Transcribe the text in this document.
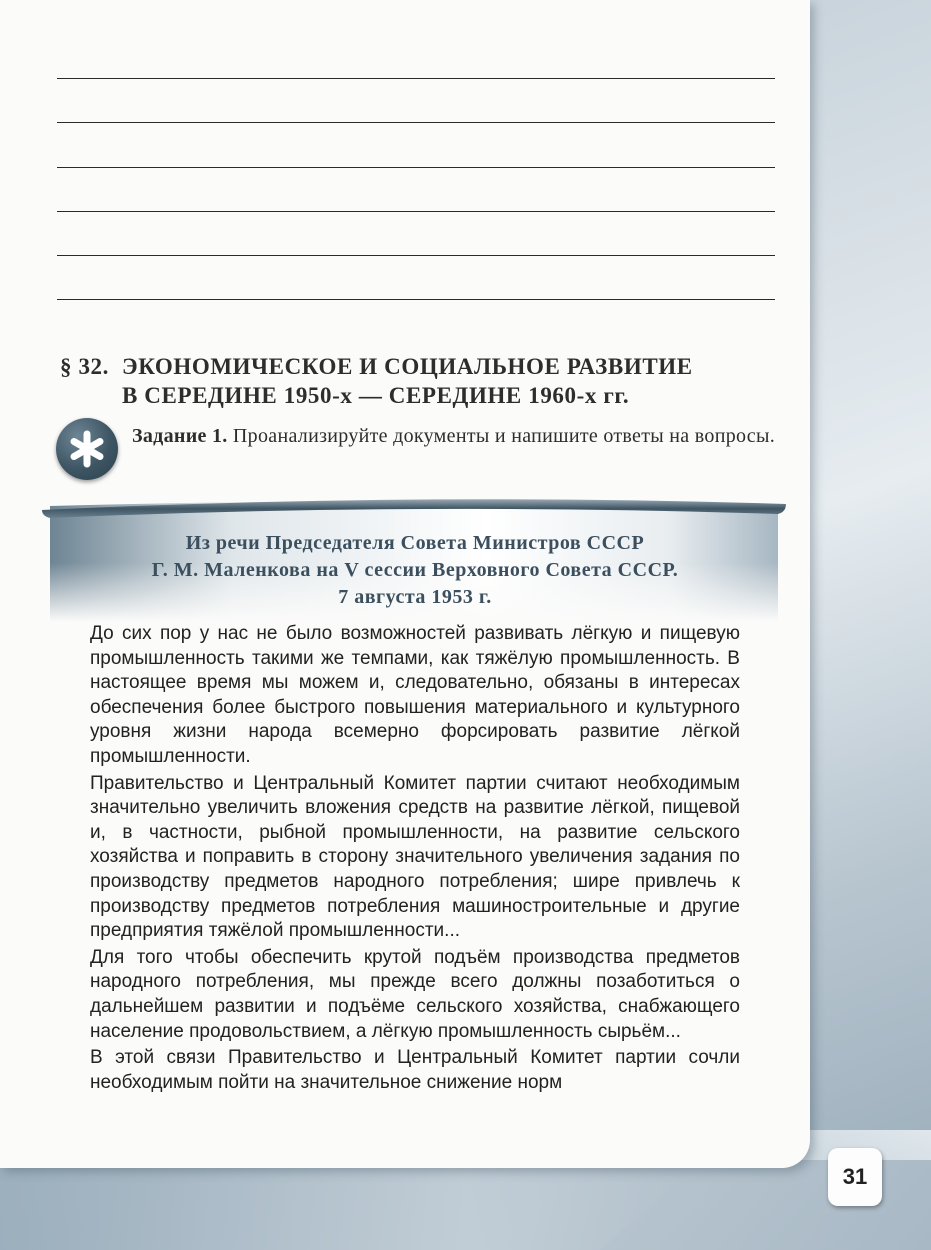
§ 32. ЭКОНОМИЧЕСКОЕ И СОЦИАЛЬНОЕ РАЗВИТИЕ
В СЕРЕДИНЕ 1950-х — СЕРЕДИНЕ 1960-х гг.
Задание 1. Проанализируйте документы и напишите ответы на вопросы.
Из речи Председателя Совета Министров СССР
Г. М. Маленкова на V сессии Верховного Совета СССР.
7 августа 1953 г.

До сих пор у нас не было возможностей развивать лёгкую и пищевую промышленность такими же темпами, как тяжёлую промышленность. В настоящее время мы можем и, следовательно, обязаны в интересах обеспечения более быстрого повышения материального и культурного уровня жизни народа всемерно форсировать развитие лёгкой промышленности.

Правительство и Центральный Комитет партии считают необходимым значительно увеличить вложения средств на развитие лёгкой, пищевой и, в частности, рыбной промышленности, на развитие сельского хозяйства и поправить в сторону значительного увеличения задания по производству предметов народного потребления; шире привлечь к производству предметов потребления машиностроительные и другие предприятия тяжёлой промышленности...

Для того чтобы обеспечить крутой подъём производства предметов народного потребления, мы прежде всего должны позаботиться о дальнейшем развитии и подъёме сельского хозяйства, снабжающего население продовольствием, а лёгкую промышленность сырьём...

В этой связи Правительство и Центральный Комитет партии сочли необходимым пойти на значительное снижение норм

31
